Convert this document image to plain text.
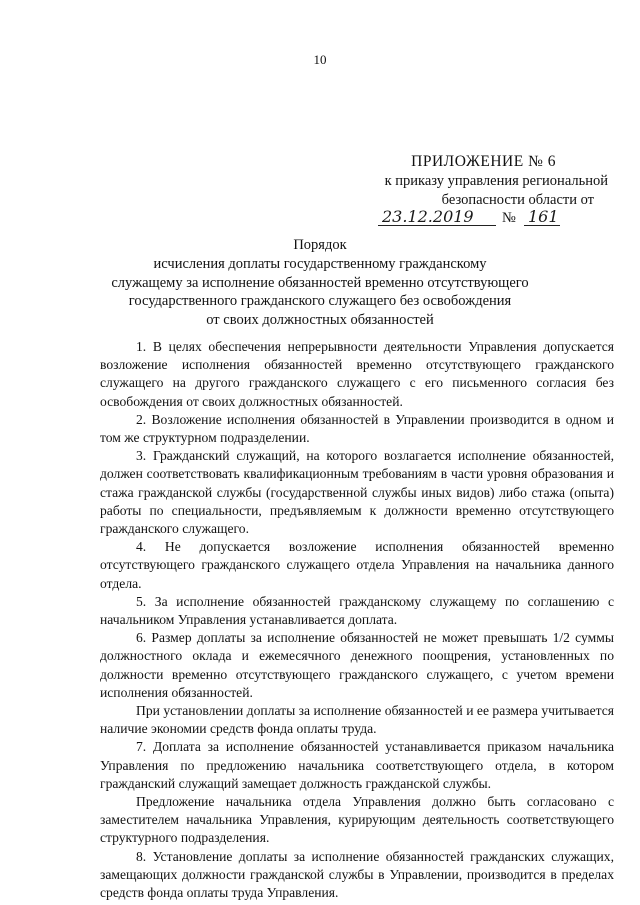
10
ПРИЛОЖЕНИЕ № 6
к приказу управления региональной
безопасности области от
23.12.2019 № 161
Порядок
исчисления доплаты государственному гражданскому
служащему за исполнение обязанностей временно отсутствующего
государственного гражданского служащего без освобождения
от своих должностных обязанностей

1. В целях обеспечения непрерывности деятельности Управления допускается возложение исполнения обязанностей временно отсутствующего гражданского служащего на другого гражданского служащего с его письменного согласия без освобождения от своих должностных обязанностей.

2. Возложение исполнения обязанностей в Управлении производится в одном и том же структурном подразделении.

3. Гражданский служащий, на которого возлагается исполнение обязанностей, должен соответствовать квалификационным требованиям в части уровня образования и стажа гражданской службы (государственной службы иных видов) либо стажа (опыта) работы по специальности, предъявляемым к должности временно отсутствующего гражданского служащего.

4. Не допускается возложение исполнения обязанностей временно отсутствующего гражданского служащего отдела Управления на начальника данного отдела.

5. За исполнение обязанностей гражданскому служащему по соглашению с начальником Управления устанавливается доплата.

6. Размер доплаты за исполнение обязанностей не может превышать 1/2 суммы должностного оклада и ежемесячного денежного поощрения, установленных по должности временно отсутствующего гражданского служащего, с учетом времени исполнения обязанностей.

При установлении доплаты за исполнение обязанностей и ее размера учитывается наличие экономии средств фонда оплаты труда.

7. Доплата за исполнение обязанностей устанавливается приказом начальника Управления по предложению начальника соответствующего отдела, в котором гражданский служащий замещает должность гражданской службы.

Предложение начальника отдела Управления должно быть согласовано с заместителем начальника Управления, курирующим деятельность соответствующего структурного подразделения.

8. Установление доплаты за исполнение обязанностей гражданских служащих, замещающих должности гражданской службы в Управлении, производится в пределах средств фонда оплаты труда Управления.
